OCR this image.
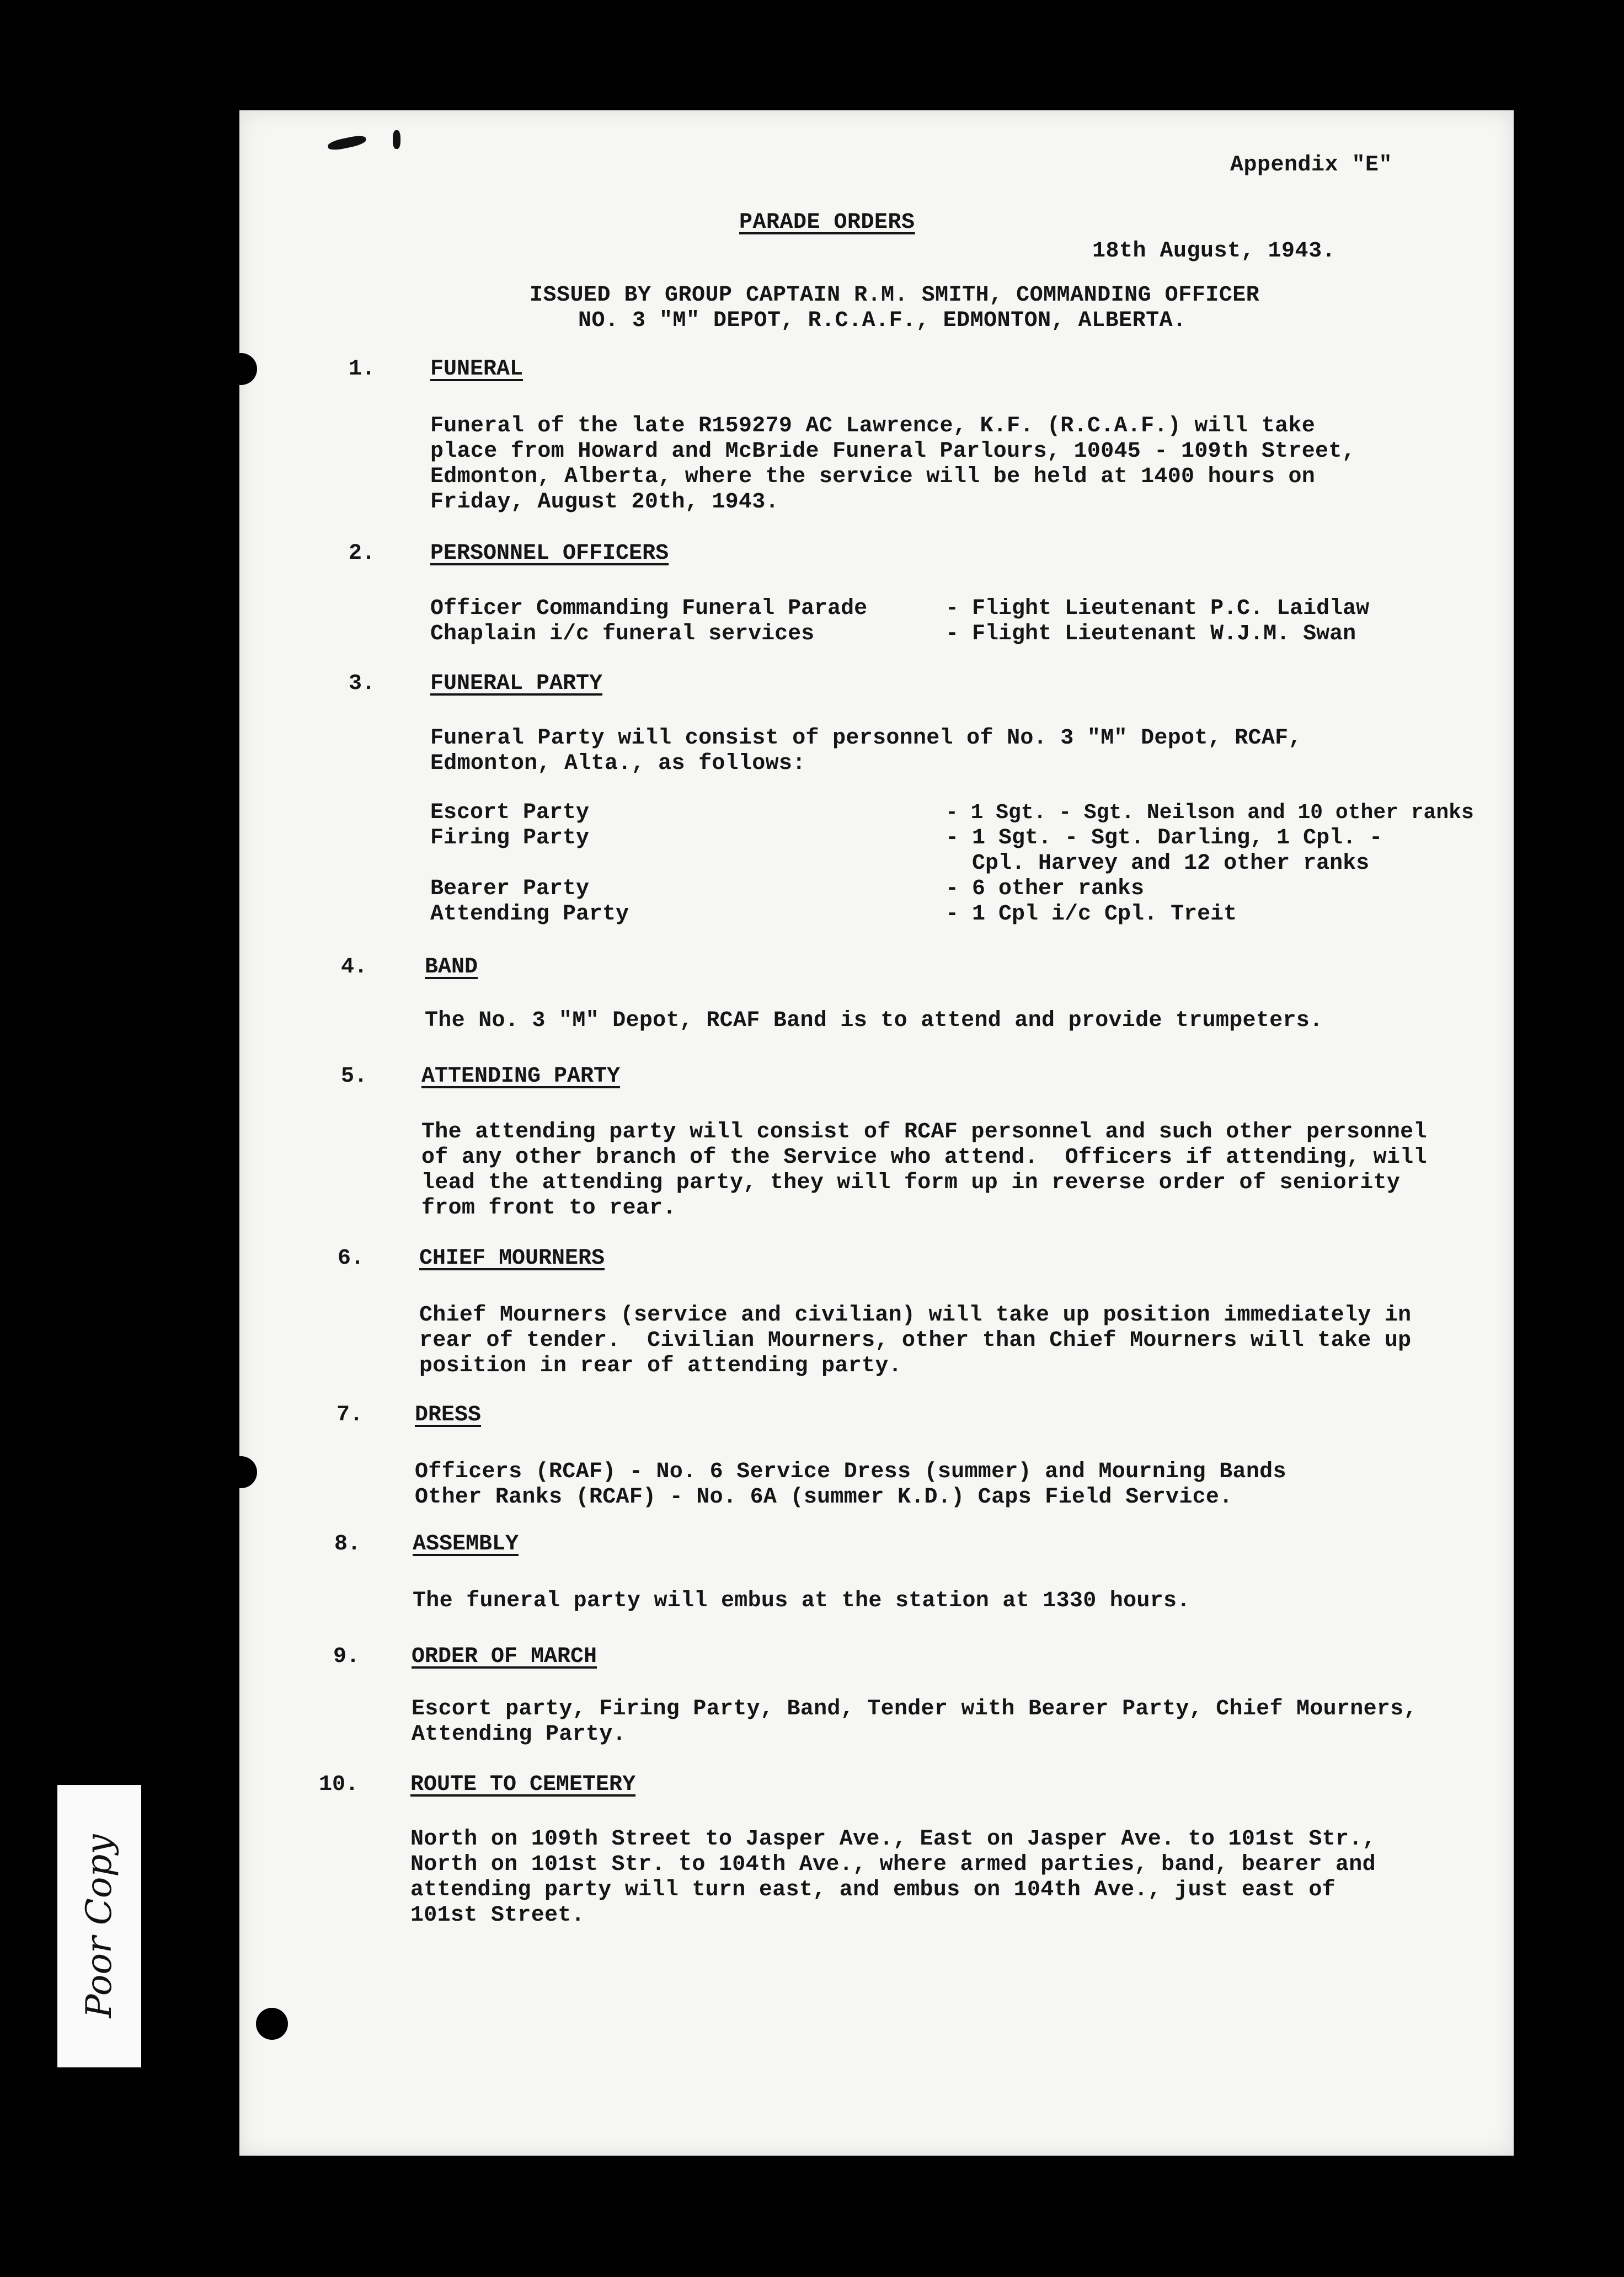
Appendix "E"
PARADE ORDERS
18th August, 1943.
ISSUED BY GROUP CAPTAIN R.M. SMITH, COMMANDING OFFICER
NO. 3 "M" DEPOT, R.C.A.F., EDMONTON, ALBERTA.
1.	FUNERAL
Funeral of the late R159279 AC Lawrence, K.F. (R.C.A.F.) will take
place from Howard and McBride Funeral Parlours, 10045 - 109th Street,
Edmonton, Alberta, where the service will be held at 1400 hours on
Friday, August 20th, 1943.
2.	PERSONNEL OFFICERS
Officer Commanding Funeral Parade	- Flight Lieutenant P.C. Laidlaw
Chaplain i/c funeral services	- Flight Lieutenant W.J.M. Swan
3.	FUNERAL PARTY
Funeral Party will consist of personnel of No. 3 "M" Depot, RCAF,
Edmonton, Alta., as follows:
Escort Party	- 1 Sgt. - Sgt. Neilson and 10 other ranks
Firing Party	- 1 Sgt. - Sgt. Darling, 1 Cpl. -
Cpl. Harvey and 12 other ranks
Bearer Party	- 6 other ranks
Attending Party	- 1 Cpl i/c Cpl. Treit
4.	BAND
The No. 3 "M" Depot, RCAF Band is to attend and provide trumpeters.
5. ATTENDING PARTY
The attending party will consist of RCAF personnel and such other personnel
of any other branch of the Service who attend.  Officers if attending, will
lead the attending party, they will form up in reverse order of seniority
from front to rear.
6.	CHIEF MOURNERS
Chief Mourners (service and civilian) will take up position immediately in
rear of tender.  Civilian Mourners, other than Chief Mourners will take up
position in rear of attending party.
7. DRESS
Officers (RCAF) - No. 6 Service Dress (summer) and Mourning Bands
Other Ranks (RCAF) - No. 6A (summer K.D.) Caps Field Service.
8. ASSEMBLY
The funeral party will embus at the station at 1330 hours.
9. ORDER OF MARCH
Escort party, Firing Party, Band, Tender with Bearer Party, Chief Mourners,
Attending Party.
10. ROUTE TO CEMETERY
North on 109th Street to Jasper Ave., East on Jasper Ave. to 101st Str.,
North on 101st Str. to 104th Ave., where armed parties, band, bearer and
attending party will turn east, and embus on 104th Ave., just east of
101st Street.
Poor Copy
